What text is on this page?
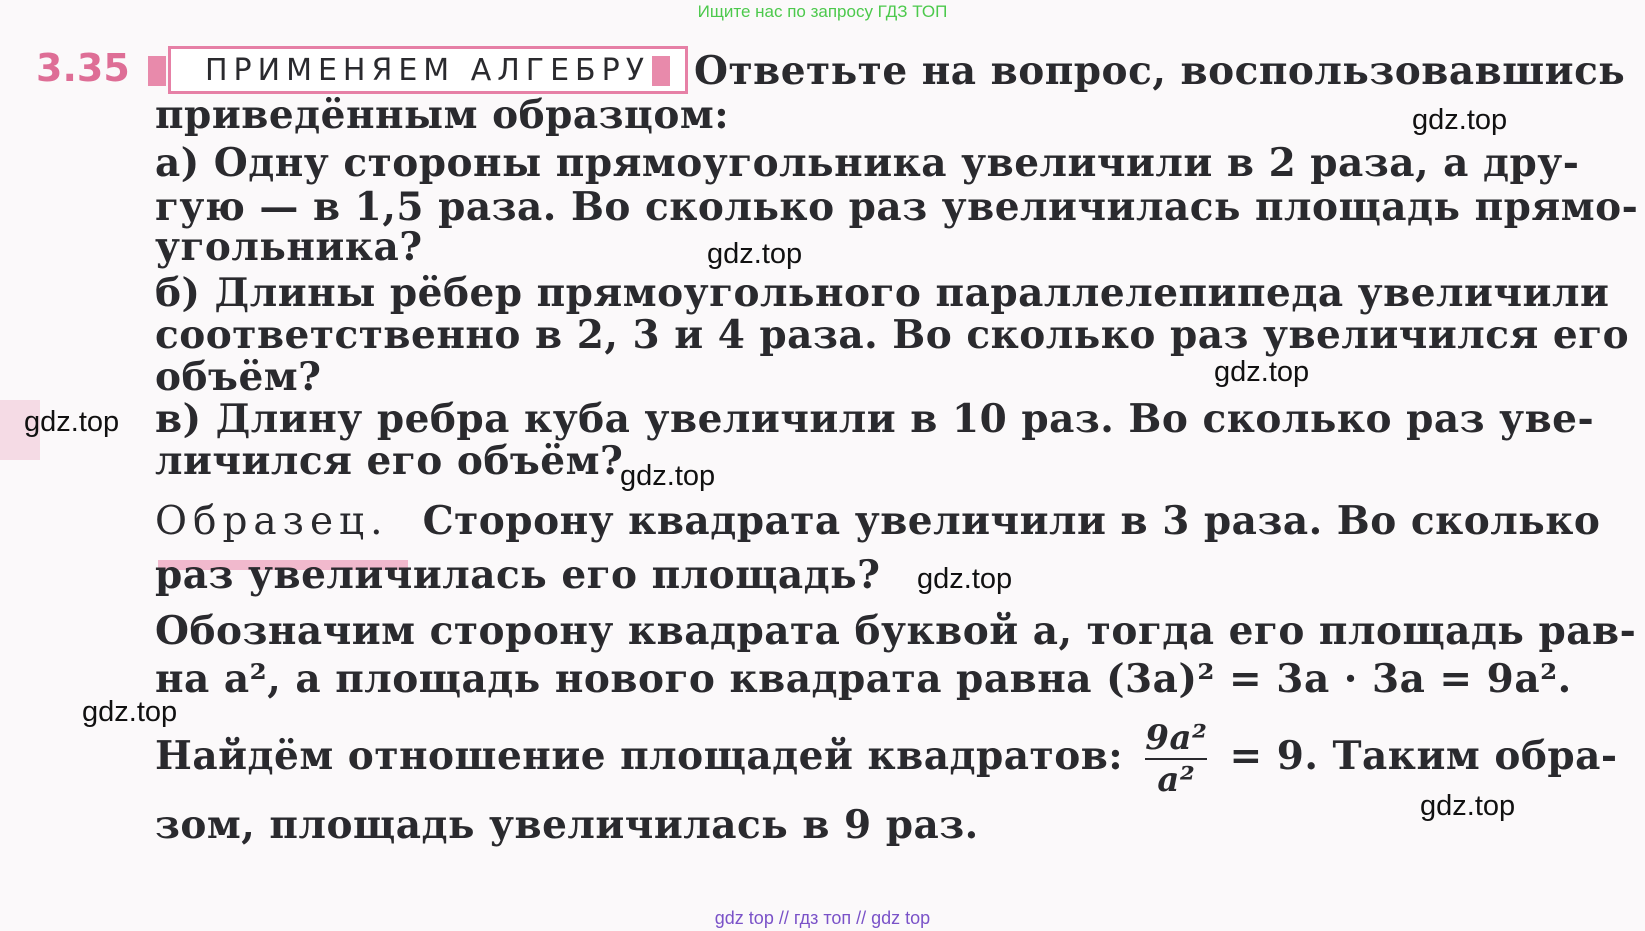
Ищите нас по запросу ГДЗ ТОП
3.35	ПРИМЕНЯЕМ АЛГЕБРУ	Ответьте на вопрос, воспользовавшись
приведённым образцом:
а) Одну стороны прямоугольника увеличили в 2 раза, а дру-
гую — в 1,5 раза. Во сколько раз увеличилась площадь прямо-
угольника?
б) Длины рёбер прямоугольного параллелепипеда увеличили
соответственно в 2, 3 и 4 раза. Во сколько раз увеличился его
объём?
в) Длину ребра куба увеличили в 10 раз. Во сколько раз уве-
личился его объём?
Образец. Сторону квадрата увеличили в 3 раза. Во сколько
раз увеличилась его площадь?
Обозначим сторону квадрата буквой a, тогда его площадь рав-
на a², а площадь нового квадрата равна (3a)² = 3a · 3a = 9a².
Найдём отношение площадей квадратов: $\frac{\text{9a²}}{\text{a²}} = 9$. Таким обра-
зом, площадь увеличилась в 9 раз.
gdz.top
gdz.top
gdz.top
gdz.top
gdz.top
gdz.top
gdz.top
gdz.top
gdz top // гдз топ // gdz top
